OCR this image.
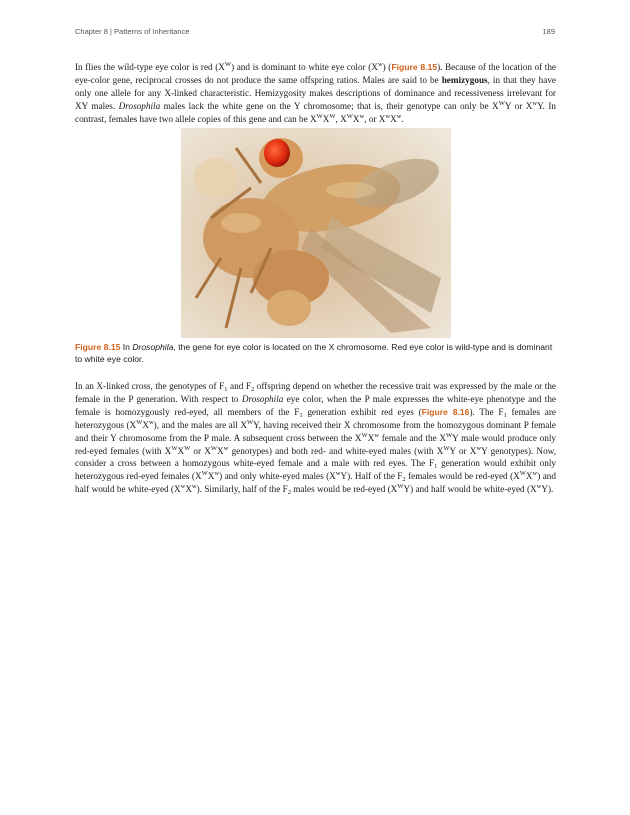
Chapter 8 | Patterns of Inheritance	189

In flies the wild-type eye color is red $(X^W)$ and is dominant to white eye color $(X^w)$ (Figure 8.15). Because of the location of the eye-color gene, reciprocal crosses do not produce the same offspring ratios. Males are said to be hemizygous, in that they have only one allele for any X-linked characteristic. Hemizygosity makes descriptions of dominance and recessiveness irrelevant for XY males. Drosophila males lack the white gene on the Y chromosome; that is, their genotype can only be $X^WY$ or $X^wY$. In contrast, females have two allele copies of this gene and can be $X^WX^W$, $X^WX^w$, or $X^wX^w$.

Figure 8.15 In Drosophila, the gene for eye color is located on the X chromosome. Red eye color is wild-type and is dominant to white eye color.

In an X-linked cross, the genotypes of $F_1$ and $F_2$ offspring depend on whether the recessive trait was expressed by the male or the female in the P generation. With respect to Drosophila eye color, when the P male expresses the white-eye phenotype and the female is homozygously red-eyed, all members of the $F_1$ generation exhibit red eyes (Figure 8.16). The $F_1$ females are heterozygous $(X^WX^w)$, and the males are all $X^WY$, having received their X chromosome from the homozygous dominant P female and their Y chromosome from the P male. A subsequent cross between the $X^WX^w$ female and the $X^WY$ male would produce only red-eyed females (with $X^WX^W$ or $X^WX^w$ genotypes) and both red- and white-eyed males (with $X^WY$ or $X^wY$ genotypes). Now, consider a cross between a homozygous white-eyed female and a male with red eyes. The $F_1$ generation would exhibit only heterozygous red-eyed females $(X^WX^w)$ and only white-eyed males $(X^wY)$. Half of the $F_2$ females would be red-eyed $(X^WX^w)$ and half would be white-eyed $(X^wX^w)$. Similarly, half of the $F_2$ males would be red-eyed $(X^WY)$ and half would be white-eyed $(X^wY)$.
